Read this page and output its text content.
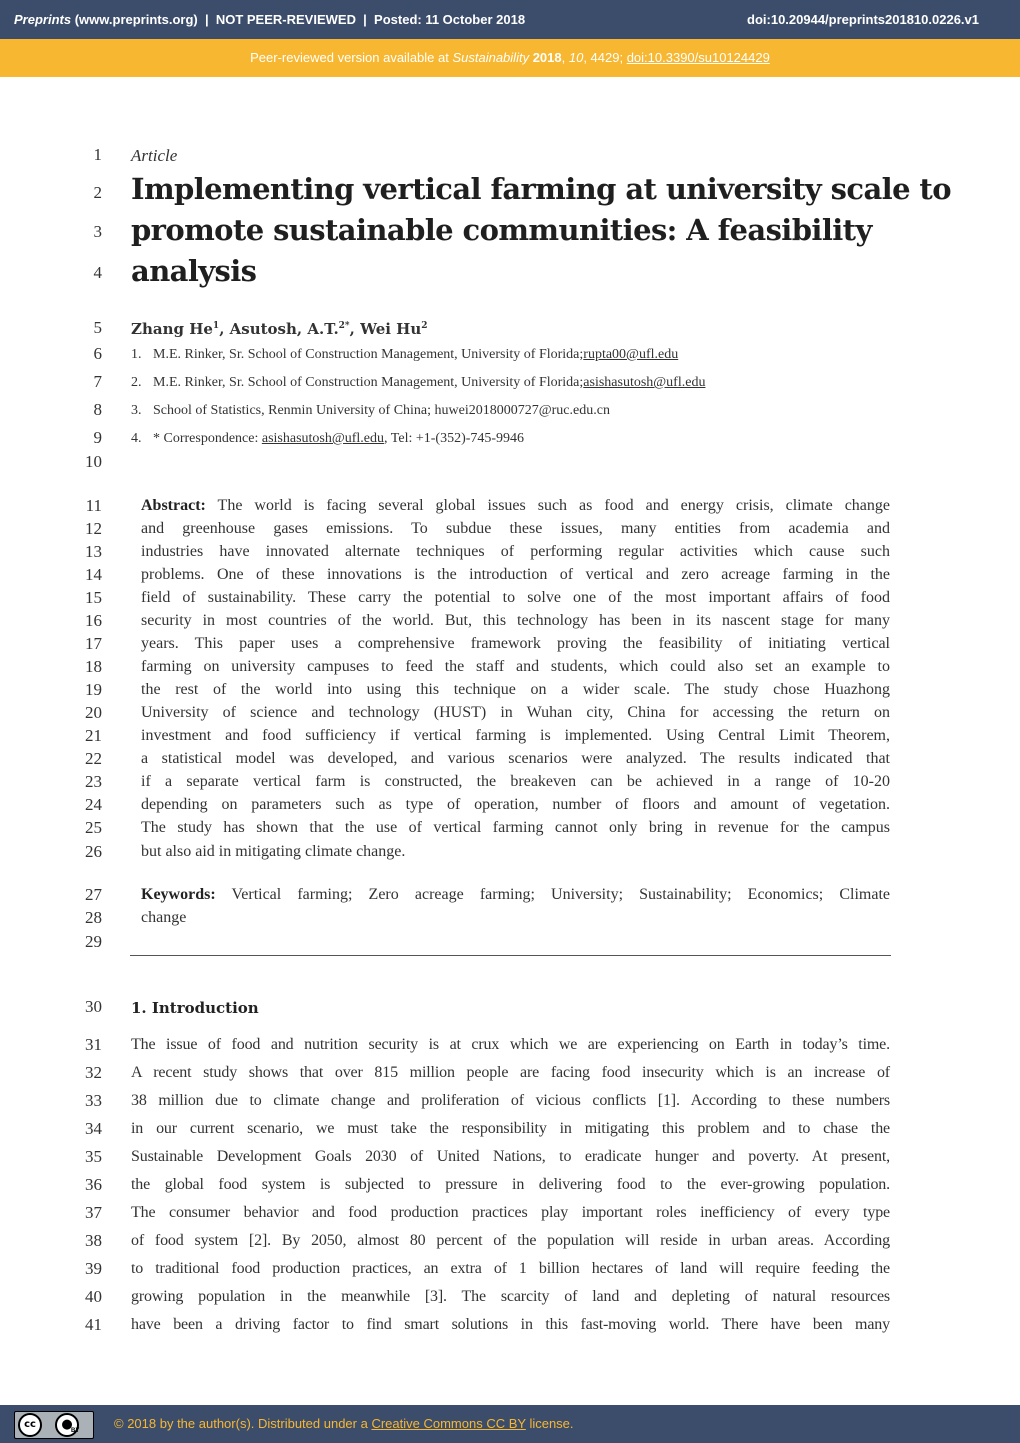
Preprints (www.preprints.org)  |  NOT PEER-REVIEWED  |  Posted: 11 October 2018	doi:10.20944/preprints201810.0226.v1
Peer-reviewed version available at Sustainability 2018, 10, 4429; doi:10.3390/su10124429
1
2
3
4
5
6
7
8
9
10
11
12
13
14
15
16
17
18
19
20
21
22
23
24
25
26
27
28
29
30
31
32
33
34
35
36
37
38
39
40
41
Article
Implementing vertical farming at university scale to
promote sustainable communities: A feasibility
analysis
Zhang He$^1$, Asutosh, A.T.$^{2*}$, Wei Hu$^2$
1. M.E. Rinker, Sr. School of Construction Management, University of Florida;rupta00@ufl.edu
2. M.E. Rinker, Sr. School of Construction Management, University of Florida;asishasutosh@ufl.edu
3. School of Statistics, Renmin University of China; huwei2018000727@ruc.edu.cn
4. * Correspondence: asishasutosh@ufl.edu, Tel: +1-(352)-745-9946
Abstract: The world is facing several global issues such as food and energy crisis, climate change
and greenhouse gases emissions. To subdue these issues, many entities from academia and
industries have innovated alternate techniques of performing regular activities which cause such
problems. One of these innovations is the introduction of vertical and zero acreage farming in the
field of sustainability. These carry the potential to solve one of the most important affairs of food
security in most countries of the world. But, this technology has been in its nascent stage for many
years. This paper uses a comprehensive framework proving the feasibility of initiating vertical
farming on university campuses to feed the staff and students, which could also set an example to
the rest of the world into using this technique on a wider scale. The study chose Huazhong
University of science and technology (HUST) in Wuhan city, China for accessing the return on
investment and food sufficiency if vertical farming is implemented. Using Central Limit Theorem,
a statistical model was developed, and various scenarios were analyzed. The results indicated that
if a separate vertical farm is constructed, the breakeven can be achieved in a range of 10-20
depending on parameters such as type of operation, number of floors and amount of vegetation.
The study has shown that the use of vertical farming cannot only bring in revenue for the campus
but also aid in mitigating climate change.
Keywords: Vertical farming; Zero acreage farming; University; Sustainability; Economics; Climate
change
1. Introduction
The issue of food and nutrition security is at crux which we are experiencing on Earth in today’s time.
A recent study shows that over 815 million people are facing food insecurity which is an increase of
38 million due to climate change and proliferation of vicious conflicts [1]. According to these numbers
in our current scenario, we must take the responsibility in mitigating this problem and to chase the
Sustainable Development Goals 2030 of United Nations, to eradicate hunger and poverty. At present,
the global food system is subjected to pressure in delivering food to the ever-growing population.
The consumer behavior and food production practices play important roles inefficiency of every type
of food system [2]. By 2050, almost 80 percent of the population will reside in urban areas. According
to traditional food production practices, an extra of 1 billion hectares of land will require feeding the
growing population in the meanwhile [3]. The scarcity of land and depleting of natural resources
have been a driving factor to find smart solutions in this fast-moving world. There have been many
cc	●
BY	© 2018 by the author(s). Distributed under a Creative Commons CC BY license.
